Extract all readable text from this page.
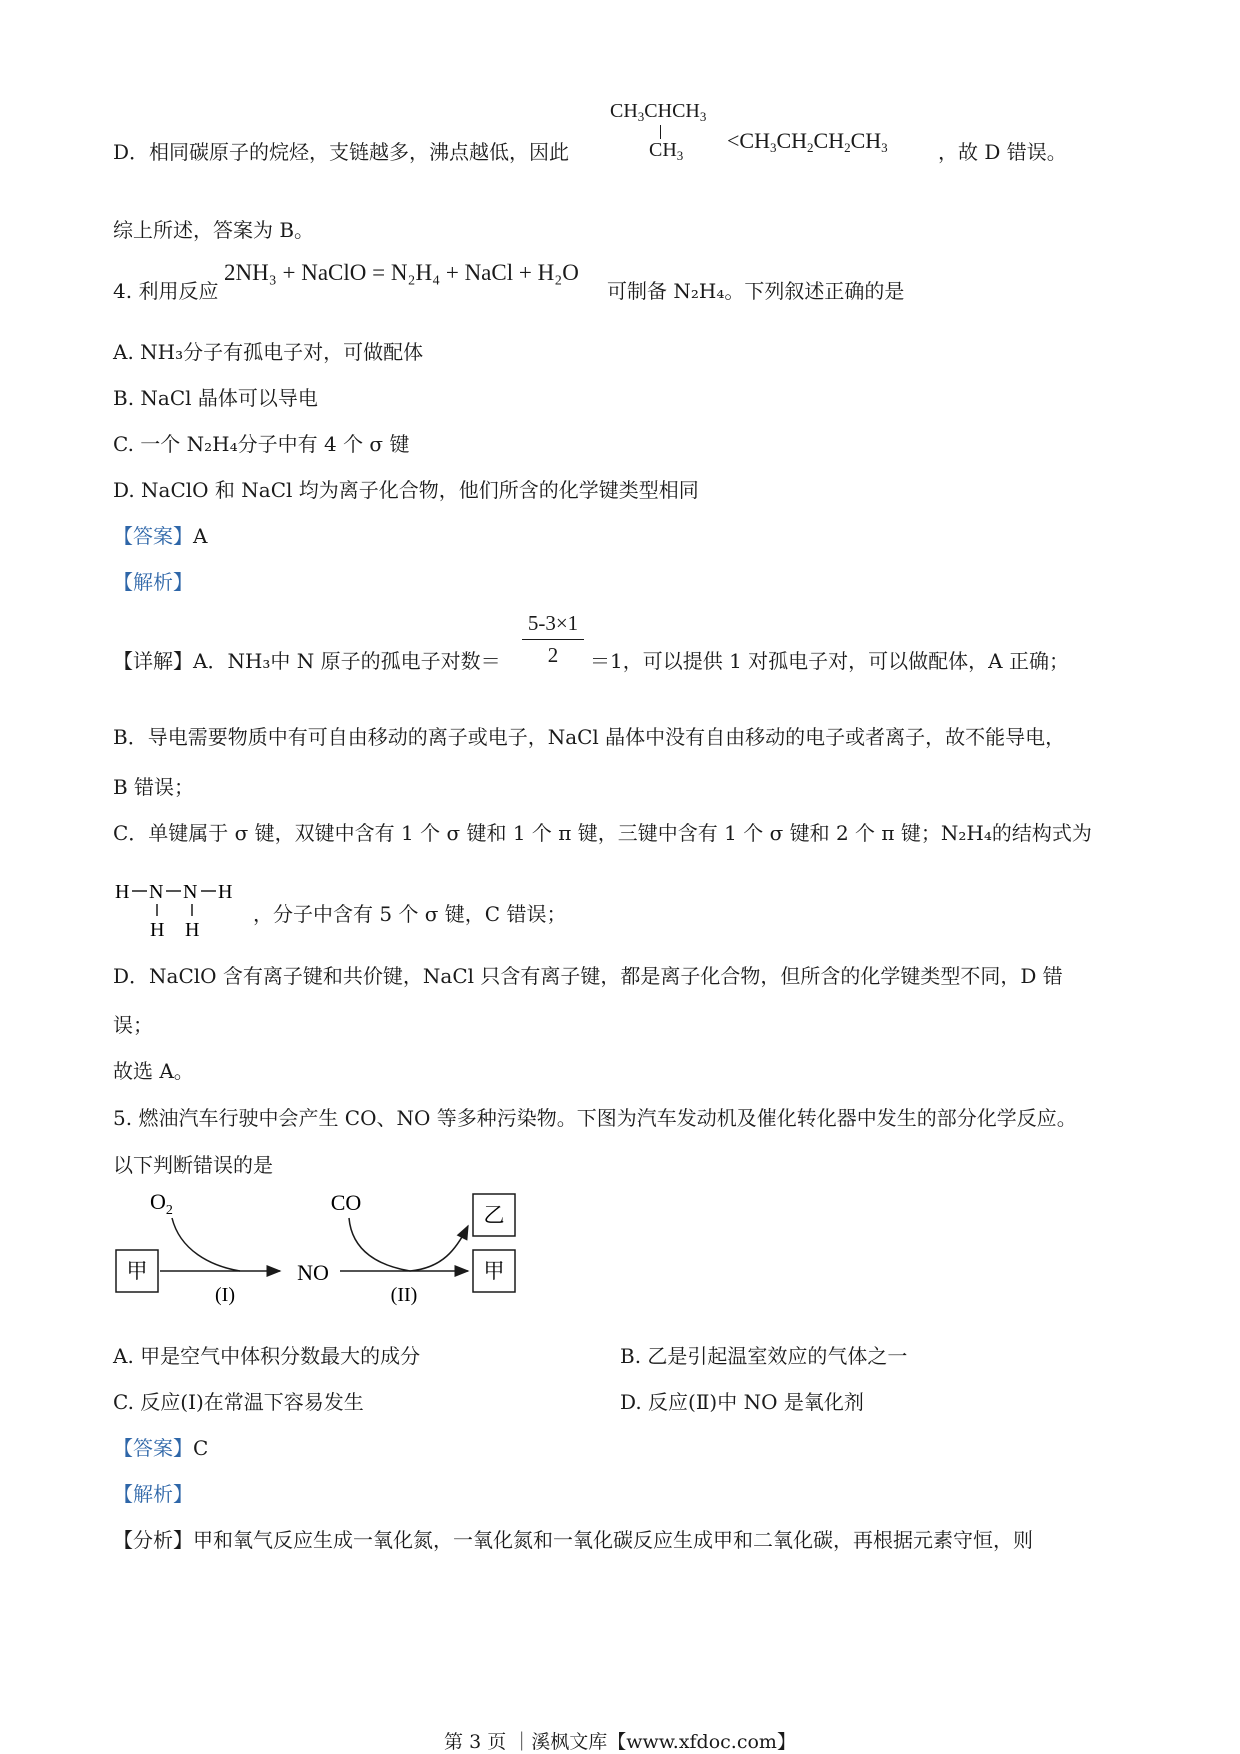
D．相同碳原子的烷烃，支链越多，沸点越低，因此
$CH_3CHCH_3$
$CH_3$
$<CH_3CH_2CH_2CH_3$	，故 D 错误。
综上所述，答案为 B。
4. 利用反应
2NH₃ + NaClO = N₂H₄ + NaCl + H₂O
可制备 N₂H₄。下列叙述正确的是
A. NH₃分子有孤电子对，可做配体
B. NaCl 晶体可以导电
C. 一个 N₂H₄分子中有 4 个 σ 键
D. NaClO 和 NaCl 均为离子化合物，他们所含的化学键类型相同
【答案】A
【解析】
【详解】A．NH₃中 N 原子的孤电子对数＝ $\frac{5-3\times 1}{2} =1$，可以提供 1 对孤电子对，可以做配体，A 正确；
B．导电需要物质中有可自由移动的离子或电子，NaCl 晶体中没有自由移动的电子或者离子，故不能导电，
B 错误；
C．单键属于 σ 键，双键中含有 1 个 σ 键和 1 个 π 键，三键中含有 1 个 σ 键和 2 个 π 键；N₂H₄的结构式为
H N N H
H H
，分子中含有 5 个 σ 键，C 错误；
D．NaClO 含有离子键和共价键，NaCl 只含有离子键，都是离子化合物，但所含的化学键类型不同，D 错
误；
故选 A。
5. 燃油汽车行驶中会产生 CO、NO 等多种污染物。下图为汽车发动机及催化转化器中发生的部分化学反应。
以下判断错误的是
甲
$O_2$
(I)
NO
CO
(II)
乙
甲
A. 甲是空气中体积分数最大的成分	B. 乙是引起温室效应的气体之一
C. 反应(I)在常温下容易发生	D. 反应(Ⅱ)中 NO 是氧化剂
【答案】C
【解析】
【分析】甲和氧气反应生成一氧化氮，一氧化氮和一氧化碳反应生成甲和二氧化碳，再根据元素守恒，则
第 3 页 ｜溪枫文库【www.xfdoc.com】
